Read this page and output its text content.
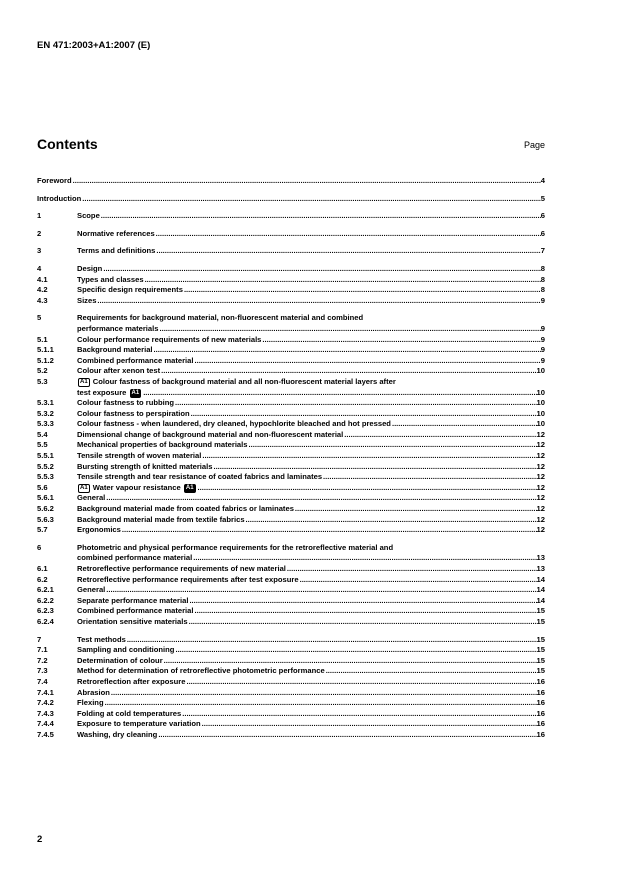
EN 471:2003+A1:2007 (E)
Contents	Page
Foreword .....	4
Introduction .....	5
1	Scope .....	6
2	Normative references .....	6
3	Terms and definitions .....	7
4	Design .....	8
4.1	Types and classes .....	8
4.2	Specific design requirements .....	8
4.3	Sizes .....	9
5	Requirements for background material, non-fluorescent material and combined
performance materials .....	9
5.1	Colour performance requirements of new materials .....	9
5.1.1	Background material .....	9
5.1.2	Combined performance material .....	9
5.2	Colour after xenon test .....	10
5.3	A1 Colour fastness of background material and all non-fluorescent material layers after
test exposure A1 .....	10
5.3.1	Colour fastness to rubbing .....	10
5.3.2	Colour fastness to perspiration .....	10
5.3.3	Colour fastness - when laundered, dry cleaned, hypochlorite bleached and hot pressed .....	10
5.4	Dimensional change of background material and non-fluorescent material .....	12
5.5	Mechanical properties of background materials .....	12
5.5.1	Tensile strength of woven material .....	12
5.5.2	Bursting strength of knitted materials .....	12
5.5.3	Tensile strength and tear resistance of coated fabrics and laminates .....	12
5.6	A1 Water vapour resistance A1 .....	12
5.6.1	General .....	12
5.6.2	Background material made from coated fabrics or laminates .....	12
5.6.3	Background material made from textile fabrics .....	12
5.7	Ergonomics .....	12
6	Photometric and physical performance requirements for the retroreflective material and
combined performance material .....	13
6.1	Retroreflective performance requirements of new material .....	13
6.2	Retroreflective performance requirements after test exposure .....	14
6.2.1	General .....	14
6.2.2	Separate performance material .....	14
6.2.3	Combined performance material .....	15
6.2.4	Orientation sensitive materials .....	15
7	Test methods .....	15
7.1	Sampling and conditioning .....	15
7.2	Determination of colour .....	15
7.3	Method for determination of retroreflective photometric performance .....	15
7.4	Retroreflection after exposure .....	16
7.4.1	Abrasion .....	16
7.4.2	Flexing .....	16
7.4.3	Folding at cold temperatures .....	16
7.4.4	Exposure to temperature variation .....	16
7.4.5	Washing, dry cleaning .....	16
2
